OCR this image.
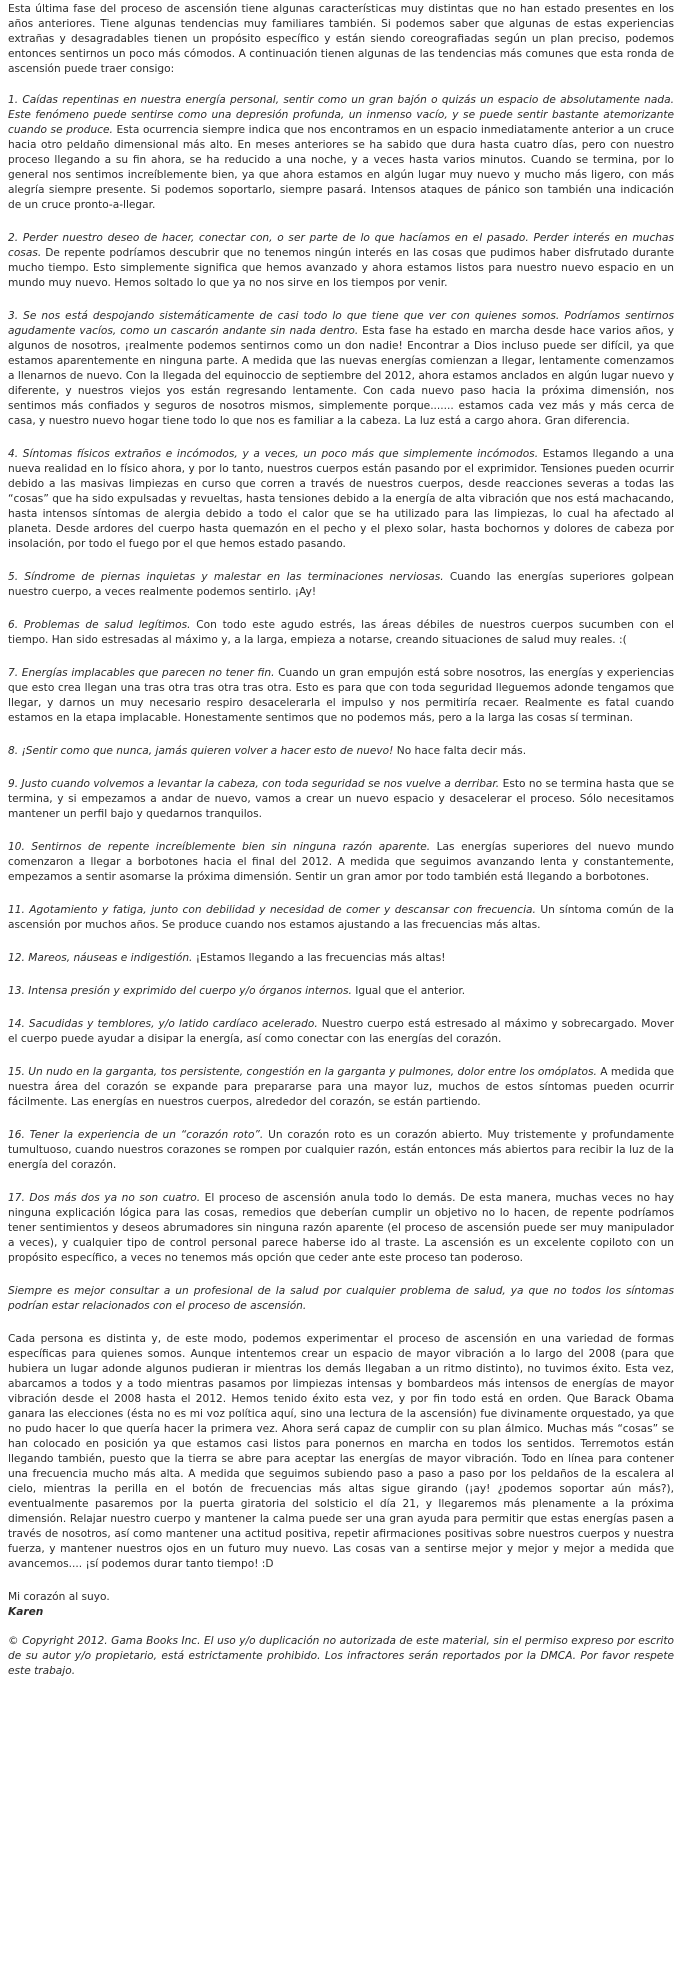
Esta última fase del proceso de ascensión tiene algunas características muy distintas que no han estado presentes en los años anteriores. Tiene algunas tendencias muy familiares también. Si podemos saber que algunas de estas experiencias extrañas y desagradables tienen un propósito específico y están siendo coreografiadas según un plan preciso, podemos entonces sentirnos un poco más cómodos. A continuación tienen algunas de las tendencias más comunes que esta ronda de ascensión puede traer consigo:

1. Caídas repentinas en nuestra energía personal, sentir como un gran bajón o quizás un espacio de absolutamente nada. Este fenómeno puede sentirse como una depresión profunda, un inmenso vacío, y se puede sentir bastante atemorizante cuando se produce. Esta ocurrencia siempre indica que nos encontramos en un espacio inmediatamente anterior a un cruce hacia otro peldaño dimensional más alto. En meses anteriores se ha sabido que dura hasta cuatro días, pero con nuestro proceso llegando a su fin ahora, se ha reducido a una noche, y a veces hasta varios minutos. Cuando se termina, por lo general nos sentimos increíblemente bien, ya que ahora estamos en algún lugar muy nuevo y mucho más ligero, con más alegría siempre presente. Si podemos soportarlo, siempre pasará. Intensos ataques de pánico son también una indicación de un cruce pronto-a-llegar.

2. Perder nuestro deseo de hacer, conectar con, o ser parte de lo que hacíamos en el pasado. Perder interés en muchas cosas. De repente podríamos descubrir que no tenemos ningún interés en las cosas que pudimos haber disfrutado durante mucho tiempo. Esto simplemente significa que hemos avanzado y ahora estamos listos para nuestro nuevo espacio en un mundo muy nuevo. Hemos soltado lo que ya no nos sirve en los tiempos por venir.

3. Se nos está despojando sistemáticamente de casi todo lo que tiene que ver con quienes somos. Podríamos sentirnos agudamente vacíos, como un cascarón andante sin nada dentro. Esta fase ha estado en marcha desde hace varios años, y algunos de nosotros, ¡realmente podemos sentirnos como un don nadie! Encontrar a Dios incluso puede ser difícil, ya que estamos aparentemente en ninguna parte. A medida que las nuevas energías comienzan a llegar, lentamente comenzamos a llenarnos de nuevo. Con la llegada del equinoccio de septiembre del 2012, ahora estamos anclados en algún lugar nuevo y diferente, y nuestros viejos yos están regresando lentamente. Con cada nuevo paso hacia la próxima dimensión, nos sentimos más confiados y seguros de nosotros mismos, simplemente porque....... estamos cada vez más y más cerca de casa, y nuestro nuevo hogar tiene todo lo que nos es familiar a la cabeza. La luz está a cargo ahora. Gran diferencia.

4. Síntomas físicos extraños e incómodos, y a veces, un poco más que simplemente incómodos. Estamos llegando a una nueva realidad en lo físico ahora, y por lo tanto, nuestros cuerpos están pasando por el exprimidor. Tensiones pueden ocurrir debido a las masivas limpiezas en curso que corren a través de nuestros cuerpos, desde reacciones severas a todas las “cosas” que ha sido expulsadas y revueltas, hasta tensiones debido a la energía de alta vibración que nos está machacando, hasta intensos síntomas de alergia debido a todo el calor que se ha utilizado para las limpiezas, lo cual ha afectado al planeta. Desde ardores del cuerpo hasta quemazón en el pecho y el plexo solar, hasta bochornos y dolores de cabeza por insolación, por todo el fuego por el que hemos estado pasando.

5. Síndrome de piernas inquietas y malestar en las terminaciones nerviosas. Cuando las energías superiores golpean nuestro cuerpo, a veces realmente podemos sentirlo. ¡Ay!

6. Problemas de salud legítimos. Con todo este agudo estrés, las áreas débiles de nuestros cuerpos sucumben con el tiempo. Han sido estresadas al máximo y, a la larga, empieza a notarse, creando situaciones de salud muy reales. :(

7. Energías implacables que parecen no tener fin. Cuando un gran empujón está sobre nosotros, las energías y experiencias que esto crea llegan una tras otra tras otra tras otra. Esto es para que con toda seguridad lleguemos adonde tengamos que llegar, y darnos un muy necesario respiro desacelerarla el impulso y nos permitiría recaer. Realmente es fatal cuando estamos en la etapa implacable. Honestamente sentimos que no podemos más, pero a la larga las cosas sí terminan.

8. ¡Sentir como que nunca, jamás quieren volver a hacer esto de nuevo! No hace falta decir más.

9. Justo cuando volvemos a levantar la cabeza, con toda seguridad se nos vuelve a derribar. Esto no se termina hasta que se termina, y si empezamos a andar de nuevo, vamos a crear un nuevo espacio y desacelerar el proceso. Sólo necesitamos mantener un perfil bajo y quedarnos tranquilos.

10. Sentirnos de repente increíblemente bien sin ninguna razón aparente. Las energías superiores del nuevo mundo comenzaron a llegar a borbotones hacia el final del 2012. A medida que seguimos avanzando lenta y constantemente, empezamos a sentir asomarse la próxima dimensión. Sentir un gran amor por todo también está llegando a borbotones.

11. Agotamiento y fatiga, junto con debilidad y necesidad de comer y descansar con frecuencia. Un síntoma común de la ascensión por muchos años. Se produce cuando nos estamos ajustando a las frecuencias más altas.

12. Mareos, náuseas e indigestión. ¡Estamos llegando a las frecuencias más altas!

13. Intensa presión y exprimido del cuerpo y/o órganos internos. Igual que el anterior.

14. Sacudidas y temblores, y/o latido cardíaco acelerado. Nuestro cuerpo está estresado al máximo y sobrecargado. Mover el cuerpo puede ayudar a disipar la energía, así como conectar con las energías del corazón.

15. Un nudo en la garganta, tos persistente, congestión en la garganta y pulmones, dolor entre los omóplatos. A medida que nuestra área del corazón se expande para prepararse para una mayor luz, muchos de estos síntomas pueden ocurrir fácilmente. Las energías en nuestros cuerpos, alrededor del corazón, se están partiendo.

16. Tener la experiencia de un “corazón roto”. Un corazón roto es un corazón abierto. Muy tristemente y profundamente tumultuoso, cuando nuestros corazones se rompen por cualquier razón, están entonces más abiertos para recibir la luz de la energía del corazón.

17. Dos más dos ya no son cuatro. El proceso de ascensión anula todo lo demás. De esta manera, muchas veces no hay ninguna explicación lógica para las cosas, remedios que deberían cumplir un objetivo no lo hacen, de repente podríamos tener sentimientos y deseos abrumadores sin ninguna razón aparente (el proceso de ascensión puede ser muy manipulador a veces), y cualquier tipo de control personal parece haberse ido al traste. La ascensión es un excelente copiloto con un propósito específico, a veces no tenemos más opción que ceder ante este proceso tan poderoso.

Siempre es mejor consultar a un profesional de la salud por cualquier problema de salud, ya que no todos los síntomas podrían estar relacionados con el proceso de ascensión.

Cada persona es distinta y, de este modo, podemos experimentar el proceso de ascensión en una variedad de formas específicas para quienes somos. Aunque intentemos crear un espacio de mayor vibración a lo largo del 2008 (para que hubiera un lugar adonde algunos pudieran ir mientras los demás llegaban a un ritmo distinto), no tuvimos éxito. Esta vez, abarcamos a todos y a todo mientras pasamos por limpiezas intensas y bombardeos más intensos de energías de mayor vibración desde el 2008 hasta el 2012. Hemos tenido éxito esta vez, y por fin todo está en orden. Que Barack Obama ganara las elecciones (ésta no es mi voz política aquí, sino una lectura de la ascensión) fue divinamente orquestado, ya que no pudo hacer lo que quería hacer la primera vez. Ahora será capaz de cumplir con su plan álmico. Muchas más “cosas” se han colocado en posición ya que estamos casi listos para ponernos en marcha en todos los sentidos. Terremotos están llegando también, puesto que la tierra se abre para aceptar las energías de mayor vibración. Todo en línea para contener una frecuencia mucho más alta. A medida que seguimos subiendo paso a paso a paso por los peldaños de la escalera al cielo, mientras la perilla en el botón de frecuencias más altas sigue girando (¡ay! ¿podemos soportar aún más?), eventualmente pasaremos por la puerta giratoria del solsticio el día 21, y llegaremos más plenamente a la próxima dimensión. Relajar nuestro cuerpo y mantener la calma puede ser una gran ayuda para permitir que estas energías pasen a través de nosotros, así como mantener una actitud positiva, repetir afirmaciones positivas sobre nuestros cuerpos y nuestra fuerza, y mantener nuestros ojos en un futuro muy nuevo. Las cosas van a sentirse mejor y mejor y mejor a medida que avancemos.... ¡sí podemos durar tanto tiempo! :D

Mi corazón al suyo.
Karen

© Copyright 2012. Gama Books Inc. El uso y/o duplicación no autorizada de este material, sin el permiso expreso por escrito de su autor y/o propietario, está estrictamente prohibido. Los infractores serán reportados por la DMCA. Por favor respete este trabajo.
